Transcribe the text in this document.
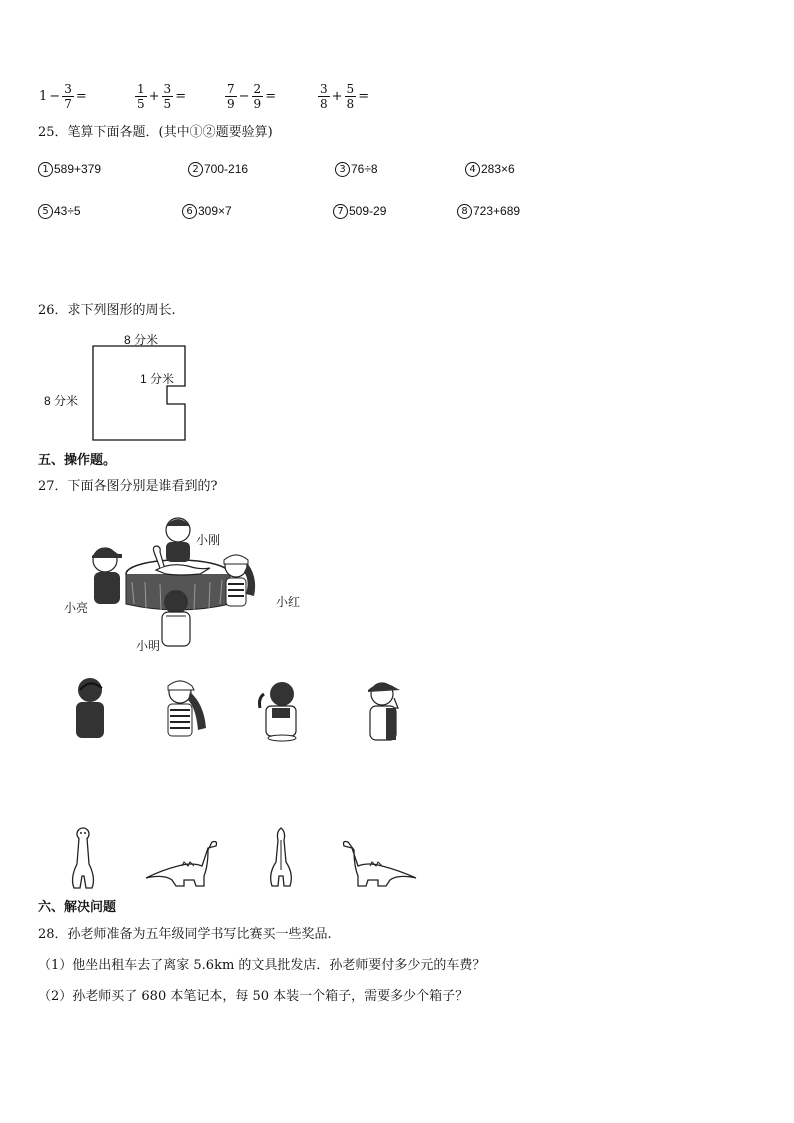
$1 - \frac{3}{7}$ =	$\frac{1}{5} + \frac{3}{5}$ =	$\frac{7}{9} - \frac{2}{9}$ =	$\frac{3}{8} + \frac{5}{8}$ =
25．笔算下面各题．(其中①②题要验算)
1 589+379	2 700-216	3 76÷8	4 283×6
5 43÷5	6 309×7	7 509-29	8 723+689
26．求下列图形的周长.
8 分米
8 分米
1 分米
五、操作题。
27．下面各图分别是谁看到的?
小刚
小亮	小红
小明
六、解决问题
28．孙老师准备为五年级同学书写比赛买一些奖品.
（1）他坐出租车去了离家 5.6km 的文具批发店．孙老师要付多少元的车费？
（2）孙老师买了 680 本笔记本，每 50 本装一个箱子，需要多少个箱子？
